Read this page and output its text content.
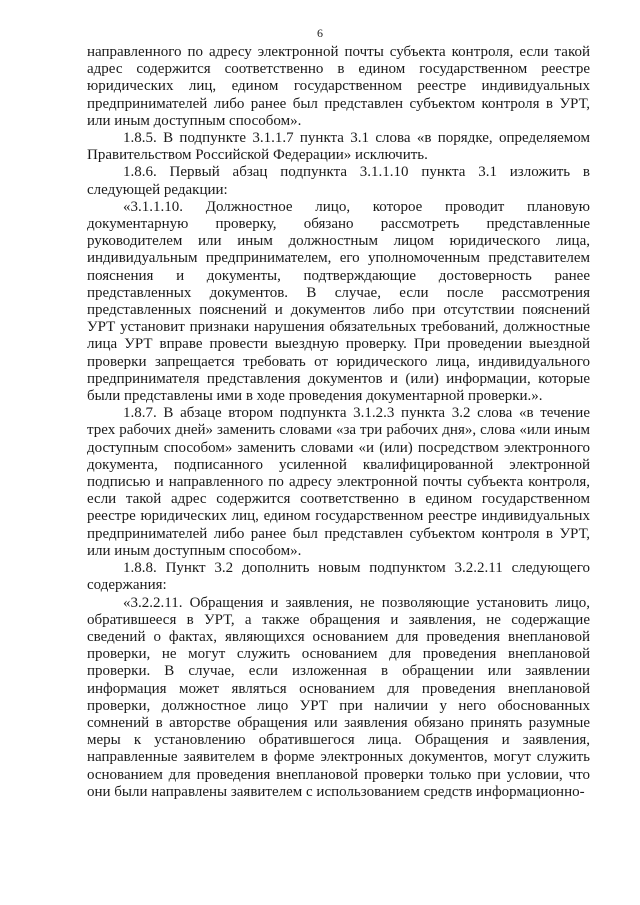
6

направленного по адресу электронной почты субъекта контроля, если такой адрес содержится соответственно в едином государственном реестре юридических лиц, едином государственном реестре индивидуальных предпринимателей либо ранее был представлен субъектом контроля в УРТ, или иным доступным способом».

1.8.5. В подпункте 3.1.1.7 пункта 3.1 слова «в порядке, определяемом Правительством Российской Федерации» исключить.

1.8.6. Первый абзац подпункта 3.1.1.10 пункта 3.1 изложить в следующей редакции:

«3.1.1.10. Должностное лицо, которое проводит плановую документарную проверку, обязано рассмотреть представленные руководителем или иным должностным лицом юридического лица, индивидуальным предпринимателем, его уполномоченным представителем пояснения и документы, подтверждающие достоверность ранее представленных документов. В случае, если после рассмотрения представленных пояснений и документов либо при отсутствии пояснений УРТ установит признаки нарушения обязательных требований, должностные лица УРТ вправе провести выездную проверку. При проведении выездной проверки запрещается требовать от юридического лица, индивидуального предпринимателя представления документов и (или) информации, которые были представлены ими в ходе проведения документарной проверки.».

1.8.7. В абзаце втором подпункта 3.1.2.3 пункта 3.2 слова «в течение трех рабочих дней» заменить словами «за три рабочих дня», слова «или иным доступным способом» заменить словами «и (или) посредством электронного документа, подписанного усиленной квалифицированной электронной подписью и направленного по адресу электронной почты субъекта контроля, если такой адрес содержится соответственно в едином государственном реестре юридических лиц, едином государственном реестре индивидуальных предпринимателей либо ранее был представлен субъектом контроля в УРТ, или иным доступным способом».

1.8.8. Пункт 3.2 дополнить новым подпунктом 3.2.2.11 следующего содержания:

«3.2.2.11. Обращения и заявления, не позволяющие установить лицо, обратившееся в УРТ, а также обращения и заявления, не содержащие сведений о фактах, являющихся основанием для проведения внеплановой проверки, не могут служить основанием для проведения внеплановой проверки. В случае, если изложенная в обращении или заявлении информация может являться основанием для проведения внеплановой проверки, должностное лицо УРТ при наличии у него обоснованных сомнений в авторстве обращения или заявления обязано принять разумные меры к установлению обратившегося лица. Обращения и заявления, направленные заявителем в форме электронных документов, могут служить основанием для проведения внеплановой проверки только при условии, что они были направлены заявителем с использованием средств информационно-
